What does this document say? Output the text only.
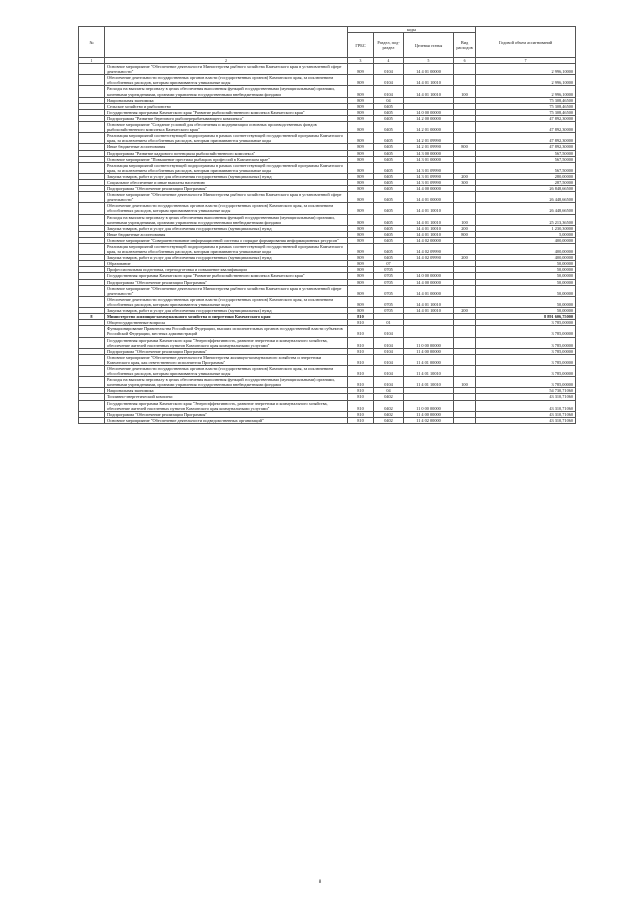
№		коды				Годовой объем ассигнований
		ГРБС	Раздел, под-раздел	Целевая статья	Вид расходов	
1	2	3	4	5	6	7
	Основное мероприятие "Обеспечение деятельности Министерства рыбного хозяйства Камчатского края в установленной сфере деятельности"	809	0104	14 4 01 00000		2 996,10000
	Обеспечение деятельности государственных органов власти (государственных органов) Камчатского края, за исключением обособленных расходов, которым присваиваются уникальные коды	809	0104	14 4 01 10010		2 996,10000
	Расходы на выплаты персоналу в целях обеспечения выполнения функций государственными (муниципальными) органами, казенными учреждениями, органами управления государственными внебюджетными фондами	809	0104	14 4 01 10010	100	2 996,10000
	Национальная экономика	809	04			75 308,46500
	Сельское хозяйство и рыболовство	809	0405			75 308,46500
	Государственная программа Камчатского края "Развитие рыбохозяйственного комплекса Камчатского края"	809	0405	14 0 00 00000		75 308,46500
	Подпрограмма "Развитие берегового рыбоперерабатывающего комплекса"	809	0405	14 2 00 00000		47 892,30000
	Основное мероприятие "Создание условий для обеспечения и модернизации основных производственных фондов рыбохозяйственного комплекса Камчатского края"	809	0405	14 2 01 00000		47 892,30000
	Реализация мероприятий соответствующей подпрограммы в рамках соответствующей государственной программы Камчатского края, за исключением обособленных расходов, которым присваиваются уникальные коды	809	0405	14 2 01 09990		47 892,30000
	Иные бюджетные ассигнования	809	0405	14 2 01 09990	800	47 892,30000
	Подпрограмма "Развитие кадрового потенциала рыбохозяйственного комплекса"	809	0405	14 3 00 00000		567,50000
	Основное мероприятие "Повышение престижа рыбацких профессий в Камчатском крае"	809	0405	14 3 01 00000		567,50000
	Реализация мероприятий соответствующей подпрограммы в рамках соответствующей государственной программы Камчатского края, за исключением обособленных расходов, которым присваиваются уникальные коды	809	0405	14 3 01 09990		567,50000
	Закупка товаров, работ и услуг для обеспечения государственных (муниципальных) нужд	809	0405	14 3 01 09990	200	280,00000
	Социальное обеспечение и иные выплаты населению	809	0405	14 3 01 09990	300	287,50000
	Подпрограмма "Обеспечение реализации Программы"	809	0405	14 4 00 00000		26 848,66500
	Основное мероприятие "Обеспечение деятельности Министерства рыбного хозяйства Камчатского края в установленной сфере деятельности"	809	0405	14 4 01 00000		26 448,66500
	Обеспечение деятельности государственных органов власти (государственных органов) Камчатского края, за исключением обособленных расходов, которым присваиваются уникальные коды	809	0405	14 4 01 10010		26 448,66500
	Расходы на выплаты персоналу в целях обеспечения выполнения функций государственными (муниципальными) органами, казенными учреждениями, органами управления государственными внебюджетными фондами	809	0405	14 4 01 10010	100	25 213,36500
	Закупка товаров, работ и услуг для обеспечения государственных (муниципальных) нужд	809	0405	14 4 01 10010	200	1 230,30000
	Иные бюджетные ассигнования	809	0405	14 4 01 10010	800	5,00000
	Основное мероприятие "Совершенствование информационной системы о порядке формирования информационных ресурсов"	809	0405	14 4 02 00000		400,00000
	Реализация мероприятий соответствующей подпрограммы в рамках соответствующей государственной программы Камчатского края, за исключением обособленных расходов, которым присваиваются уникальные коды	809	0405	14 4 02 09990		400,00000
	Закупка товаров, работ и услуг для обеспечения государственных (муниципальных) нужд	809	0405	14 4 02 09990	200	400,00000
	Образование	809	07			50,00000
	Профессиональная подготовка, переподготовка и повышение квалификации	809	0705			50,00000
	Государственная программа Камчатского края "Развитие рыбохозяйственного комплекса Камчатского края"	809	0705	14 0 00 00000		50,00000
	Подпрограмма "Обеспечение реализации Программы"	809	0705	14 4 00 00000		50,00000
	Основное мероприятие "Обеспечение деятельности Министерства рыбного хозяйства Камчатского края в установленной сфере деятельности"	809	0705	14 4 01 00000		50,00000
	Обеспечение деятельности государственных органов власти (государственных органов) Камчатского края, за исключением обособленных расходов, которым присваиваются уникальные коды	809	0705	14 4 01 10010		50,00000
	Закупка товаров, работ и услуг для обеспечения государственных (муниципальных) нужд	809	0705	14 4 01 10010	200	50,00000
8	Министерство жилищно-коммунального хозяйства и энергетики Камчатского края	810				8 891 606,75000
	Общегосударственные вопросы	810	01			3 785,00000
	Функционирование Правительства Российской Федерации, высших исполнительных органов государственной власти субъектов Российской Федерации, местных администраций	810	0104			3 785,00000
	Государственная программа Камчатского края "Энергоэффективность, развитие энергетики и коммунального хозяйства, обеспечение жителей населенных пунктов Камчатского края коммунальными услугами"	810	0104	11 0 00 00000		3 785,00000
	Подпрограмма "Обеспечение реализации Программы"	810	0104	11 4 00 00000		3 785,00000
	Основное мероприятие "Обеспечение деятельности Министерства жилищно-коммунального хозяйства и энергетики Камчатского края, как ответственного исполнителя Программы"	810	0104	11 4 01 00000		3 785,00000
	Обеспечение деятельности государственных органов власти (государственных органов) Камчатского края, за исключением обособленных расходов, которым присваиваются уникальные коды	810	0104	11 4 01 10010		3 785,00000
	Расходы на выплаты персоналу в целях обеспечения выполнения функций государственными (муниципальными) органами, казенными учреждениями, органами управления государственными внебюджетными фондами	810	0104	11 4 01 10010	100	3 785,00000
	Национальная экономика	810	04			54 730,71060
	Топливно-энергетический комплекс	810	0402			43 310,71060
	Государственная программа Камчатского края "Энергоэффективность, развитие энергетики и коммунального хозяйства, обеспечение жителей населенных пунктов Камчатского края коммунальными услугами"	810	0402	11 0 00 00000		43 310,71060
	Подпрограмма "Обеспечение реализации Программы"	810	0402	11 4 00 00000		43 310,71060
	Основное мероприятие "Обеспечение деятельности подведомственных организаций"	810	0402	11 4 02 00000		43 310,71060
8
